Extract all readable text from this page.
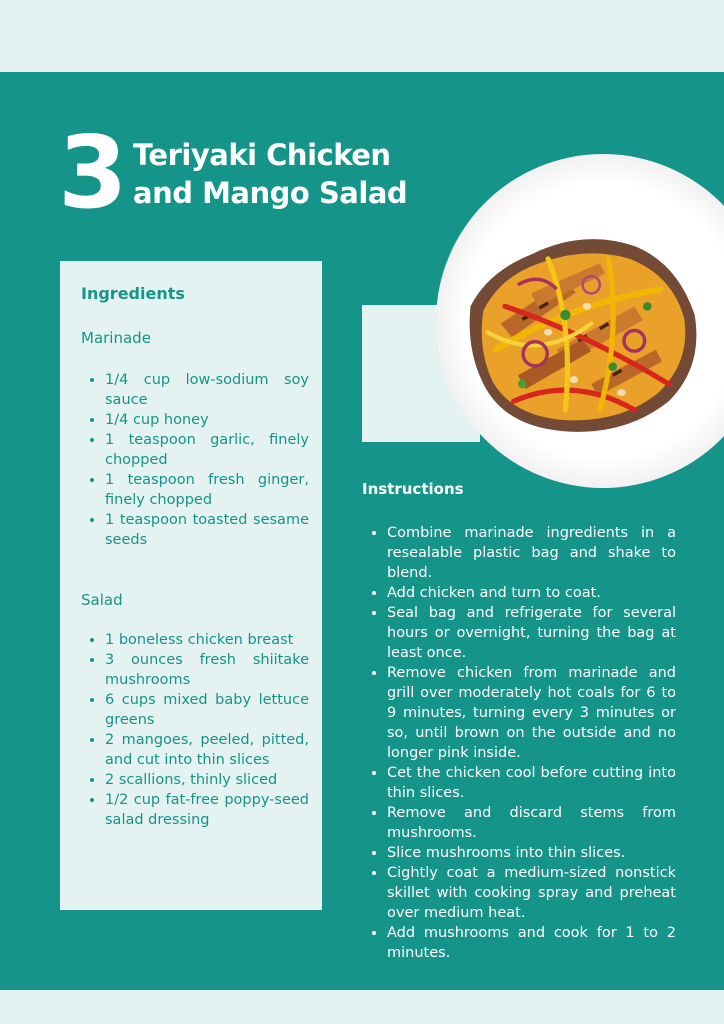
3 Teriyaki Chicken
and Mango Salad
Ingredients
Marinade
• 1/4 cup low-sodium soy sauce
• 1/4 cup honey
• 1 teaspoon garlic, finely chopped
• 1 teaspoon fresh ginger, finely chopped
• 1 teaspoon toasted sesame seeds
Salad
• 1 boneless chicken breast
• 3 ounces fresh shiitake mushrooms
• 6 cups mixed baby lettuce greens
• 2 mangoes, peeled, pitted, and cut into thin slices
• 2 scallions, thinly sliced
• 1/2 cup fat-free poppy-seed salad dressing
Instructions
• Combine marinade ingredients in a resealable plastic bag and shake to blend.
• Add chicken and turn to coat.
• Seal bag and refrigerate for several hours or overnight, turning the bag at least once.
• Remove chicken from marinade and grill over moderately hot coals for 6 to 9 minutes, turning every 3 minutes or so, until brown on the outside and no longer pink inside.
• Cet the chicken cool before cutting into thin slices.
• Remove and discard stems from mushrooms.
• Slice mushrooms into thin slices.
• Cightly coat a medium-sized nonstick skillet with cooking spray and preheat over medium heat.
• Add mushrooms and cook for 1 to 2 minutes.
